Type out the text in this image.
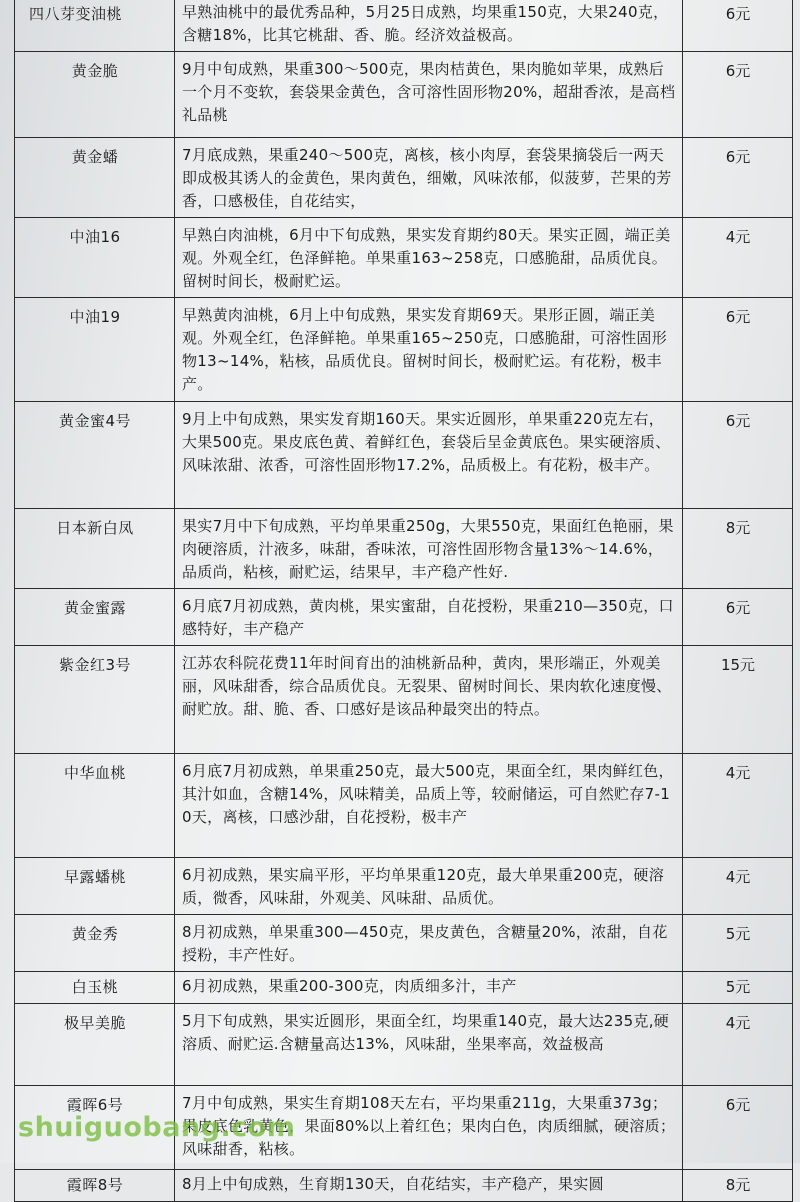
四八芽变油桃	早熟油桃中的最优秀品种，5月25日成熟，均果重150克，大果240克，含糖18%，比其它桃甜、香、脆。经济效益极高。	6元
黄金脆	9月中旬成熟，果重300～500克，果肉桔黄色，果肉脆如苹果，成熟后一个月不变软，套袋果金黄色，含可溶性固形物20%，超甜香浓，是高档礼品桃	6元
黄金蟠	7月底成熟，果重240～500克，离核，核小肉厚，套袋果摘袋后一两天即成极其诱人的金黄色，果肉黄色，细嫩，风味浓郁，似菠萝，芒果的芳香，口感极佳，自花结实，	6元
中油16	早熟白肉油桃，6月中下旬成熟，果实发育期约80天。果实正圆，端正美观。外观全红，色泽鲜艳。单果重163~258克，口感脆甜，品质优良。留树时间长，极耐贮运。	4元
中油19	早熟黄肉油桃，6月上中旬成熟，果实发育期69天。果形正圆，端正美观。外观全红，色泽鲜艳。单果重165~250克，口感脆甜，可溶性固形物13~14%，粘核，品质优良。留树时间长，极耐贮运。有花粉，极丰产。	6元
黄金蜜4号	9月上中旬成熟，果实发育期160天。果实近圆形，单果重220克左右，大果500克。果皮底色黄、着鲜红色，套袋后呈金黄底色。果实硬溶质、风味浓甜、浓香，可溶性固形物17.2%，品质极上。有花粉，极丰产。	6元
日本新白凤	果实7月中下旬成熟，平均单果重250g，大果550克，果面红色艳丽，果肉硬溶质，汁液多，味甜，香味浓，可溶性固形物含量13%～14.6%，品质尚，粘核，耐贮运，结果早，丰产稳产性好.	8元
黄金蜜露	6月底7月初成熟，黄肉桃，果实蜜甜，自花授粉，果重210—350克，口感特好，丰产稳产	6元
紫金红3号	江苏农科院花费11年时间育出的油桃新品种，黄肉，果形端正，外观美丽，风味甜香，综合品质优良。无裂果、留树时间长、果肉软化速度慢、耐贮放。甜、脆、香、口感好是该品种最突出的特点。	15元
中华血桃	6月底7月初成熟，单果重250克，最大500克，果面全红，果肉鲜红色，其汁如血，含糖14%，风味精美，品质上等，较耐储运，可自然贮存7-10天，离核，口感沙甜，自花授粉，极丰产	4元
早露蟠桃	6月初成熟，果实扁平形，平均单果重120克，最大单果重200克，硬溶质，微香，风味甜，外观美、风味甜、品质优。	4元
黄金秀	8月初成熟，单果重300—450克，果皮黄色，含糖量20%，浓甜，自花授粉，丰产性好。	5元
白玉桃	6月初成熟，果重200-300克，肉质细多汁，丰产	5元
极早美脆	5月下旬成熟，果实近圆形，果面全红，均果重140克，最大达235克,硬溶质、耐贮运.含糖量高达13%，风味甜，坐果率高，效益极高	4元
霞晖6号	7月中旬成熟，果实生育期108天左右，平均果重211g，大果重373g；果皮底色乳黄色，果面80%以上着红色；果肉白色，肉质细腻，硬溶质；风味甜香，粘核。	6元
霞晖8号	8月上中旬成熟，生育期130天，自花结实，丰产稳产，果实圆	8元
shuiguobang.com
